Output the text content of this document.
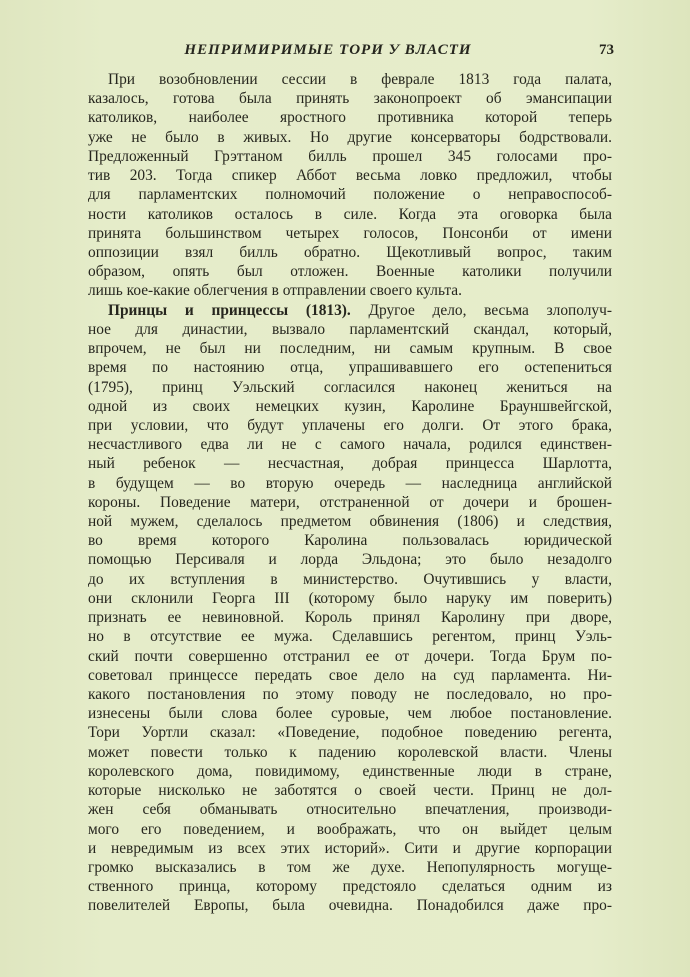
НЕПРИМИРИМЫЕ ТОРИ У ВЛАСТИ	73
При возобновлении сессии в феврале 1813 года палата,
казалось, готова была принять законопроект об эмансипации
католиков, наиболее яростного противника которой теперь
уже не было в живых. Но другие консерваторы бодрствовали.
Предложенный Грэттаном билль прошел 345 голосами про-
тив 203. Тогда спикер Аббот весьма ловко предложил, чтобы
для парламентских полномочий положение о неправоспособ-
ности католиков осталось в силе. Когда эта оговорка была
принята большинством четырех голосов, Понсонби от имени
оппозиции взял билль обратно. Щекотливый вопрос, таким
образом, опять был отложен. Военные католики получили
лишь кое-какие облегчения в отправлении своего культа.
Принцы и принцессы (1813). Другое дело, весьма злополуч-
ное для династии, вызвало парламентский скандал, который,
впрочем, не был ни последним, ни самым крупным. В свое
время по настоянию отца, упрашивавшего его остепениться
(1795), принц Уэльский согласился наконец жениться на
одной из своих немецких кузин, Каролине Брауншвейгской,
при условии, что будут уплачены его долги. От этого брака,
несчастливого едва ли не с самого начала, родился единствен-
ный ребенок — несчастная, добрая принцесса Шарлотта,
в будущем — во вторую очередь — наследница английской
короны. Поведение матери, отстраненной от дочери и брошен-
ной мужем, сделалось предметом обвинения (1806) и следствия,
во время которого Каролина пользовалась юридической
помощью Персиваля и лорда Эльдона; это было незадолго
до их вступления в министерство. Очутившись у власти,
они склонили Георга III (которому было наруку им поверить)
признать ее невиновной. Король принял Каролину при дворе,
но в отсутствие ее мужа. Сделавшись регентом, принц Уэль-
ский почти совершенно отстранил ее от дочери. Тогда Брум по-
советовал принцессе передать свое дело на суд парламента. Ни-
какого постановления по этому поводу не последовало, но про-
изнесены были слова более суровые, чем любое постановление.
Тори Уортли сказал: «Поведение, подобное поведению регента,
может повести только к падению королевской власти. Члены
королевского дома, повидимому, единственные люди в стране,
которые нисколько не заботятся о своей чести. Принц не дол-
жен себя обманывать относительно впечатления, производи-
мого его поведением, и воображать, что он выйдет целым
и невредимым из всех этих историй». Сити и другие корпорации
громко высказались в том же духе. Непопулярность могуще-
ственного принца, которому предстояло сделаться одним из
повелителей Европы, была очевидна. Понадобился даже про-
